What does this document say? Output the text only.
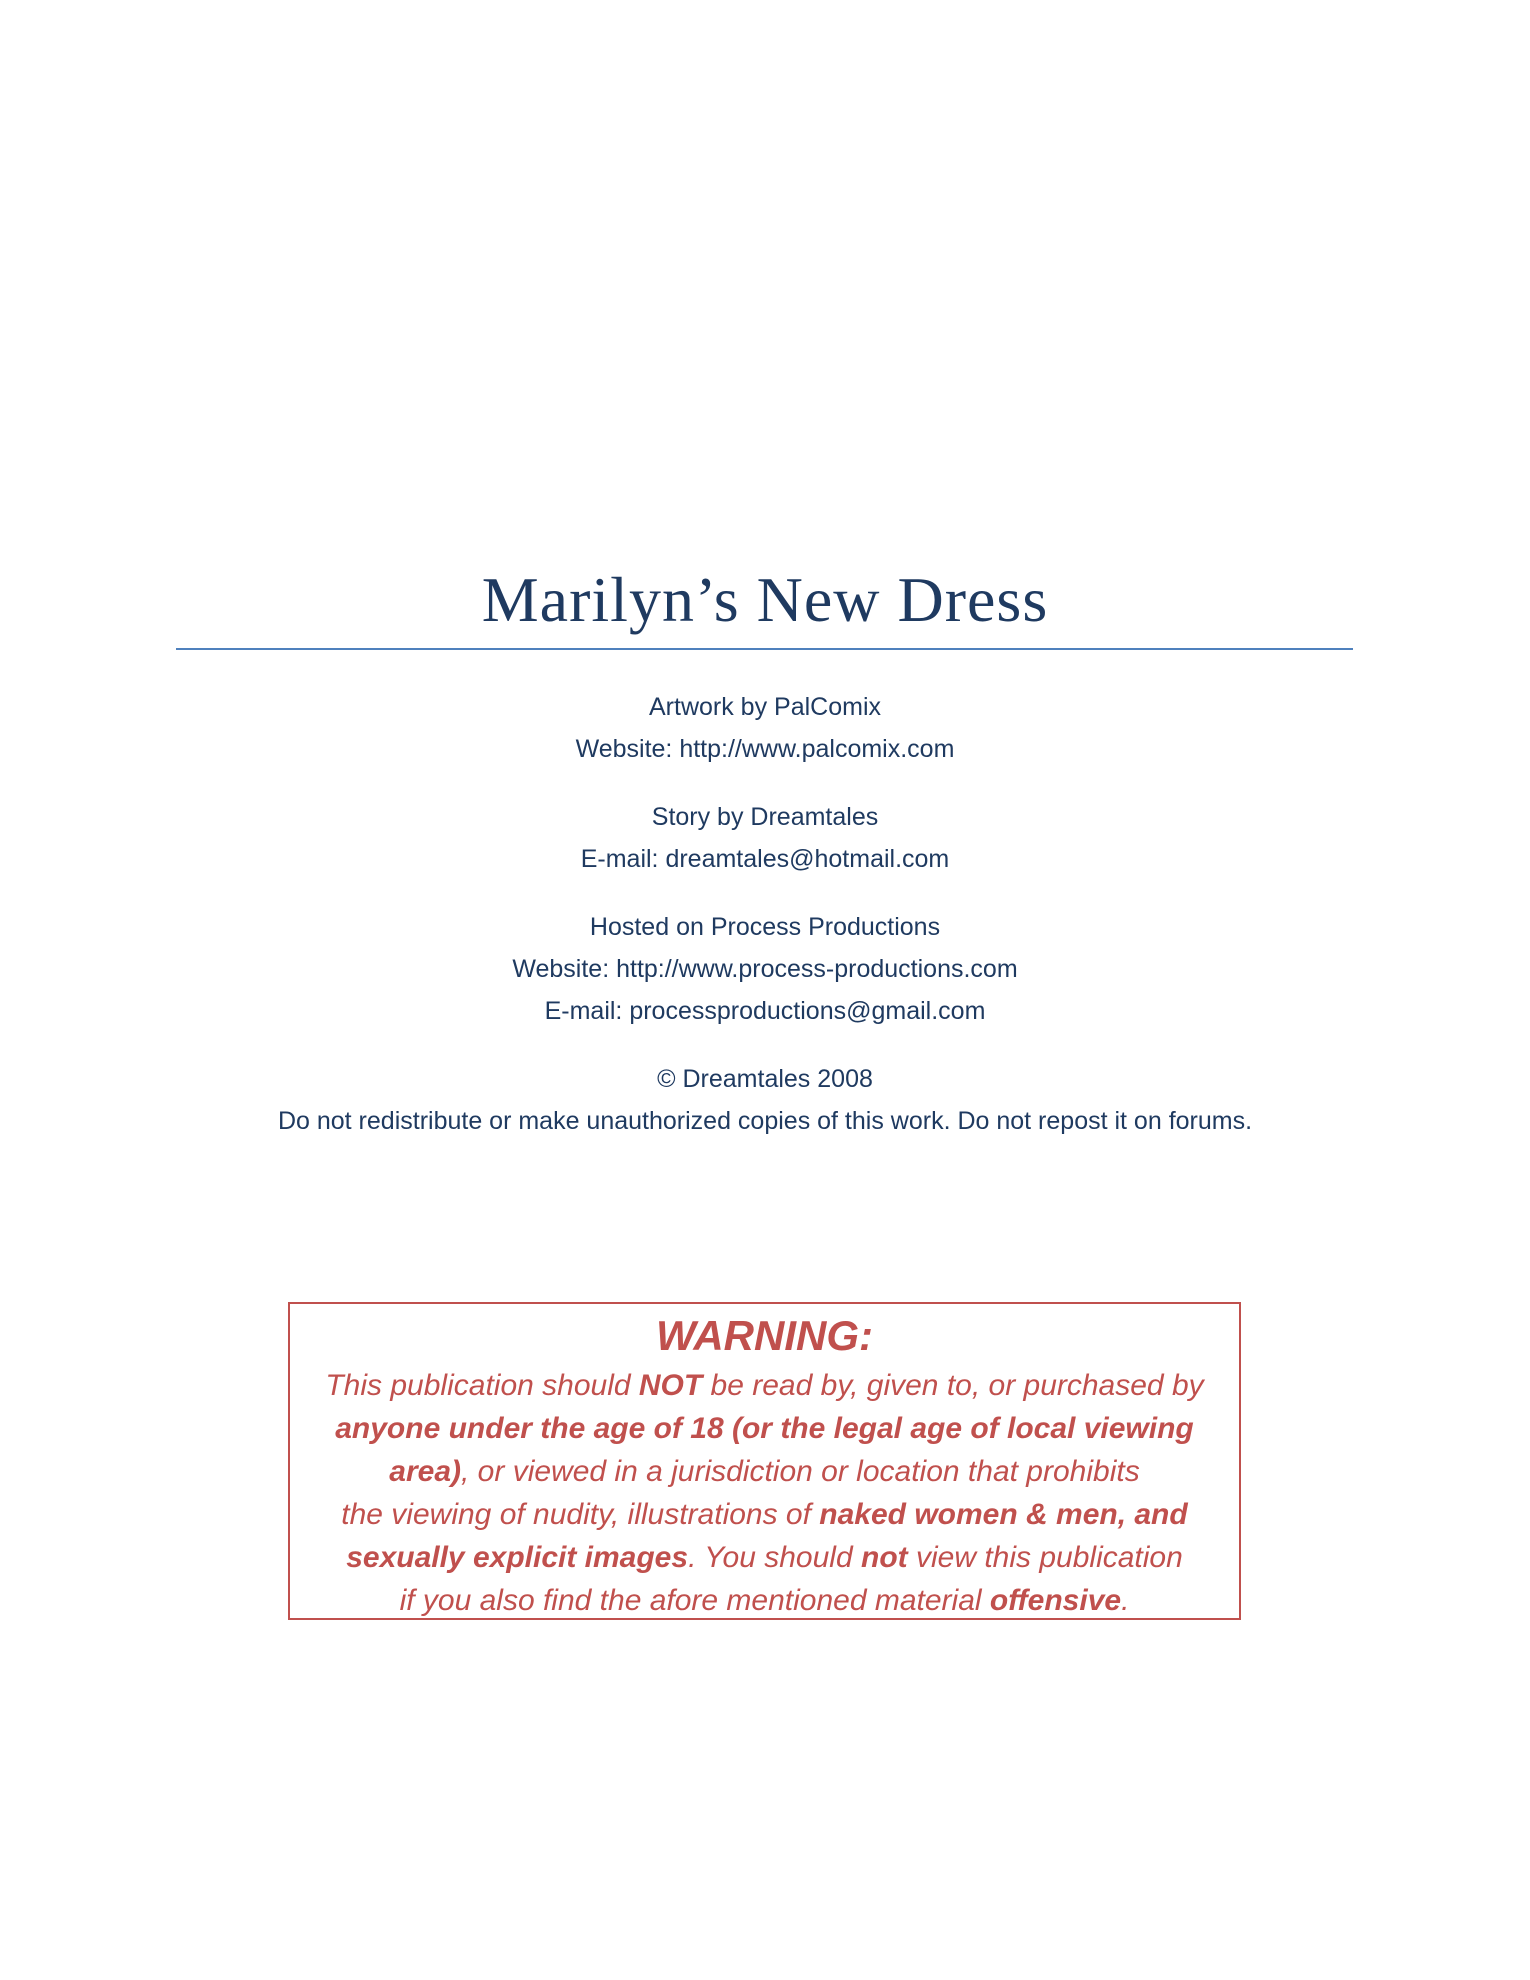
Marilyn’s New Dress
Artwork by PalComix
Website: http://www.palcomix.com
Story by Dreamtales
E-mail: dreamtales@hotmail.com
Hosted on Process Productions
Website: http://www.process-productions.com
E-mail: processproductions@gmail.com
© Dreamtales 2008
Do not redistribute or make unauthorized copies of this work. Do not repost it on forums.
WARNING:
This publication should NOT be read by, given to, or purchased by
anyone under the age of 18 (or the legal age of local viewing
area), or viewed in a jurisdiction or location that prohibits
the viewing of nudity, illustrations of naked women & men, and
sexually explicit images. You should not view this publication
if you also find the afore mentioned material offensive.
